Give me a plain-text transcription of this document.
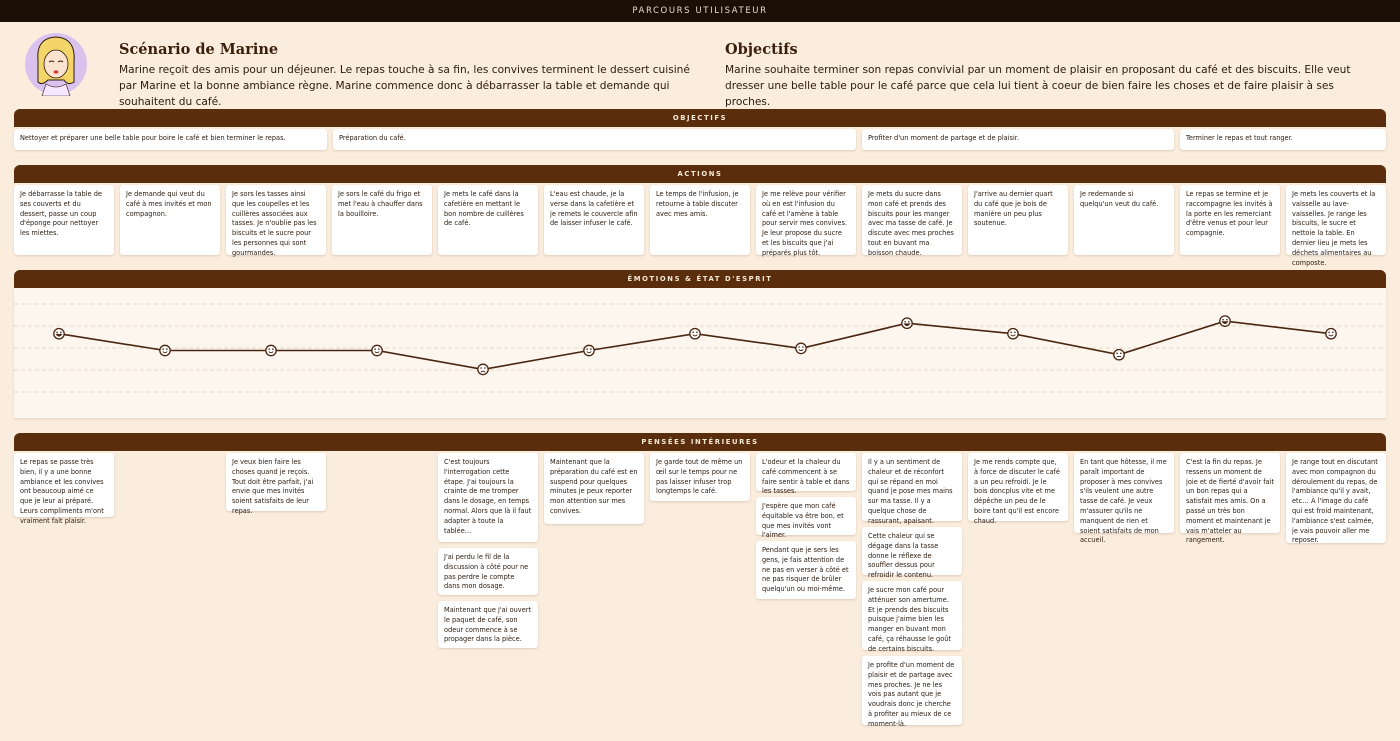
PARCOURS UTILISATEUR
Scénario de Marine
Marine reçoit des amis pour un déjeuner. Le repas touche à sa fin, les convives terminent le dessert cuisiné par Marine et la bonne ambiance règne. Marine commence donc à débarrasser la table et demande qui souhaitent du café.
Objectifs
Marine souhaite terminer son repas convivial par un moment de plaisir en proposant du café et des biscuits. Elle veut dresser une belle table pour le café parce que cela lui tient à coeur de bien faire les choses et de faire plaisir à ses proches.
OBJECTIFS
Nettoyer et préparer une belle table pour boire le café et bien terminer le repas.	Préparation du café.	Profiter d'un moment de partage et de plaisir.	Terminer le repas et tout ranger.
ACTIONS
Je débarrasse la table de ses couverts et du dessert, passe un coup d'éponge pour nettoyer les miettes.
Je demande qui veut du café à mes invités et mon compagnon.
Je sors les tasses ainsi que les coupelles et les cuillères associées aux tasses. Je n'oublie pas les biscuits et le sucre pour les personnes qui sont gourmandes.
Je sors le café du frigo et met l'eau à chauffer dans la bouilloire.
Je mets le café dans la cafetière en mettant le bon nombre de cuillères de café.
L'eau est chaude, je la verse dans la cafetière et je remets le couvercle afin de laisser infuser le café.
Le temps de l'infusion, je retourne à table discuter avec mes amis.
Je me relève pour vérifier où en est l'infusion du café et l'amène à table pour servir mes convives. Je leur propose du sucre et les biscuits que j'ai préparés plus tôt.
Je mets du sucre dans mon café et prends des biscuits pour les manger avec ma tasse de café. Je discute avec mes proches tout en buvant ma boisson chaude.
J'arrive au dernier quart du café que je bois de manière un peu plus soutenue.
Je redemande si quelqu'un veut du café.
Le repas se termine et je raccompagne les invités à la porte en les remerciant d'être venus et pour leur compagnie.
Je mets les couverts et la vaisselle au lave-vaisselles. Je range les biscuits, le sucre et nettoie la table. En dernier lieu je mets les déchets alimentaires au composte.
ÉMOTIONS & ÉTAT D'ESPRIT
PENSÉES INTÉRIEURES
Le repas se passe très bien, il y a une bonne ambiance et les convives ont beaucoup aimé ce que je leur ai préparé. Leurs compliments m'ont vraiment fait plaisir.
Je veux bien faire les choses quand je reçois. Tout doit être parfait, j'ai envie que mes invités soient satisfaits de leur repas.
C'est toujours l'interrogation cette étape. J'ai toujours la crainte de me tromper dans le dosage, en temps normal. Alors que là il faut adapter à toute la tablée…
J'ai perdu le fil de la discussion à côté pour ne pas perdre le compte dans mon dosage.
Maintenant que j'ai ouvert le paquet de café, son odeur commence à se propager dans la pièce.
Maintenant que la préparation du café est en suspend pour quelques minutes je peux reporter mon attention sur mes convives.
Je garde tout de même un œil sur le temps pour ne pas laisser infuser trop longtemps le café.
L'odeur et la chaleur du café commencent à se faire sentir à table et dans les tasses.
J'espère que mon café équitable va être bon, et que mes invités vont l'aimer.
Pendant que je sers les gens, je fais attention de ne pas en verser à côté et ne pas risquer de brûler quelqu'un ou moi-même.
Il y a un sentiment de chaleur et de réconfort qui se répand en moi quand je pose mes mains sur ma tasse. Il y a quelque chose de rassurant, apaisant.
Cette chaleur qui se dégage dans la tasse donne le réflexe de souffler dessus pour refroidir le contenu.
Je sucre mon café pour atténuer son amertume. Et je prends des biscuits puisque j'aime bien les manger en buvant mon café, ça réhausse le goût de certains biscuits.
Je profite d'un moment de plaisir et de partage avec mes proches. Je ne les vois pas autant que je voudrais donc je cherche à profiter au mieux de ce moment-là.
Je me rends compte que, à force de discuter le café a un peu refroidi. Je le bois doncplus vite et me dépêche un peu de le boire tant qu'il est encore chaud.
En tant que hôtesse, il me paraît important de proposer à mes convives s'ils veulent une autre tasse de café. Je veux m'assurer qu'ils ne manquent de rien et soient satisfaits de mon accueil.
C'est la fin du repas. Je ressens un moment de joie et de fierté d'avoir fait un bon repas qui a satisfait mes amis. On a passé un très bon moment et maintenant je vais m'atteler au rangement.
Je range tout en discutant avec mon compagnon du déroulement du repas, de l'ambiance qu'il y avait, etc… À l'image du café qui est froid maintenant, l'ambiance s'est calmée, je vais pouvoir aller me reposer.
